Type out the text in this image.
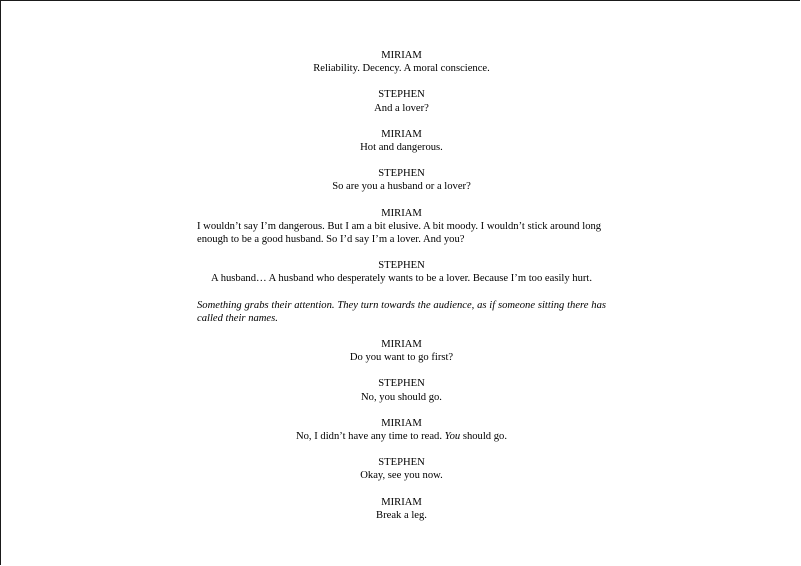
MIRIAM
Reliability. Decency. A moral conscience.
STEPHEN
And a lover?
MIRIAM
Hot and dangerous.
STEPHEN
So are you a husband or a lover?
MIRIAM
I wouldn’t say I’m dangerous. But I am a bit elusive. A bit moody. I wouldn’t stick around long enough to be a good husband. So I’d say I’m a lover. And you?
STEPHEN
A husband… A husband who desperately wants to be a lover. Because I’m too easily hurt.
Something grabs their attention. They turn towards the audience, as if someone sitting there has called their names.
MIRIAM
Do you want to go first?
STEPHEN
No, you should go.
MIRIAM
No, I didn’t have any time to read. You should go.
STEPHEN
Okay, see you now.
MIRIAM
Break a leg.
